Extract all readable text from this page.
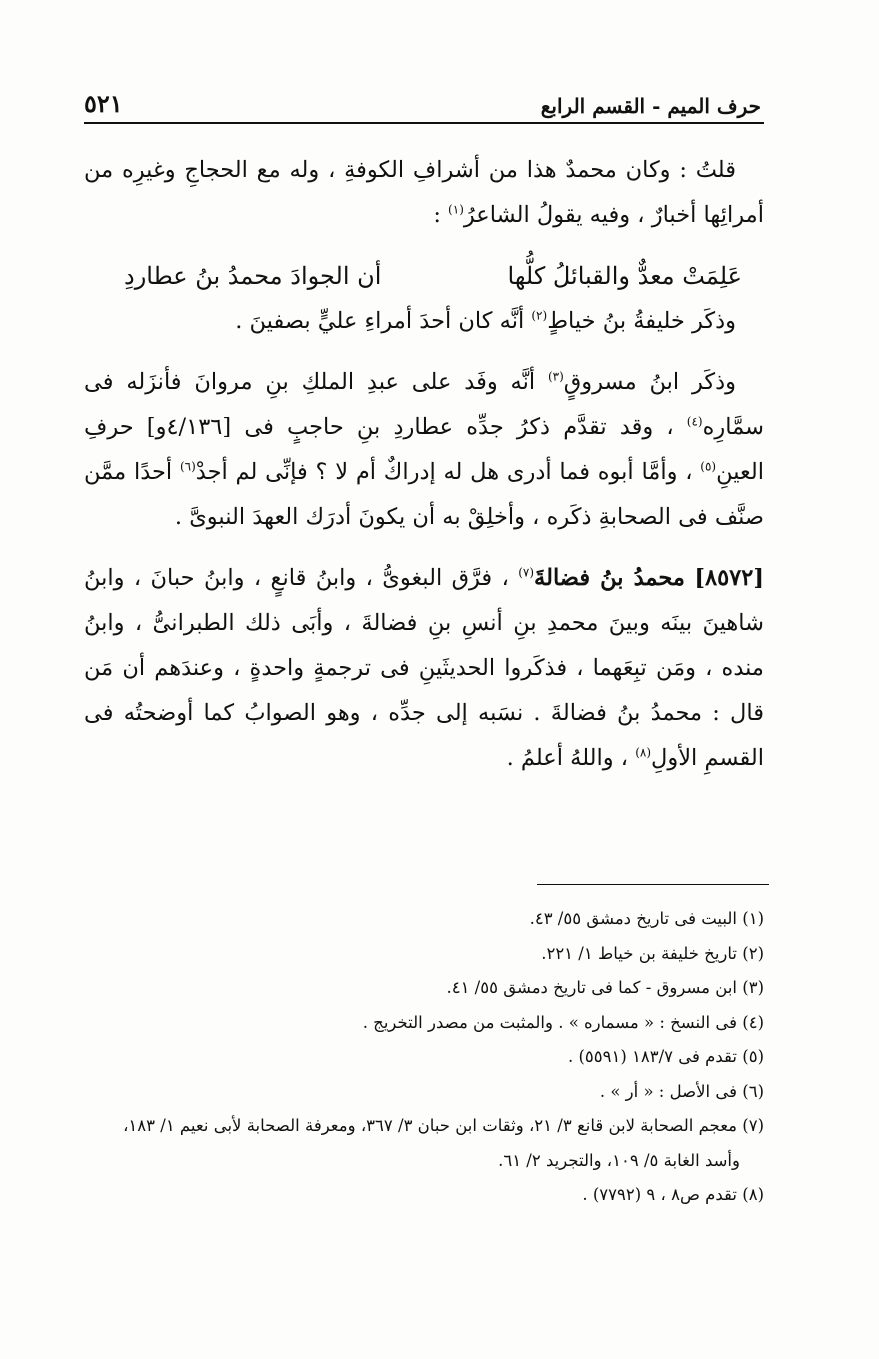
٥٢١	حرف الميم - القسم الرابع

قلتُ : وكان محمدٌ هذا من أشرافِ الكوفةِ ، وله مع الحجاجِ وغيرِه من أمرائِها أخبارٌ ، وفيه يقولُ الشاعرُ$^{(١)}$ :

عَلِمَتْ معدٌّ والقبائلُ كلُّها
أن الجوادَ محمدُ بنُ عطاردِ

وذكَر خليفةُ بنُ خياطٍ$^{(٢)}$ أنَّه كان أحدَ أمراءِ عليٍّ بصفينَ .

وذكَر ابنُ مسروقٍ$^{(٣)}$ أنَّه وفَد على عبدِ الملكِ بنِ مروانَ فأنزَله فى سمَّارِه$^{(٤)}$ ، وقد تقدَّم ذكرُ جدِّه عطاردِ بنِ حاجبٍ فى [٤/١٣٦و] حرفِ العينِ$^{(٥)}$ ، وأمَّا أبوه فما أدرى هل له إدراكٌ أم لا ؟ فإنِّى لم أجدْ$^{(٦)}$ أحدًا ممَّن صنَّف فى الصحابةِ ذكَره ، وأخلِقْ به أن يكونَ أدرَك العهدَ النبوىَّ .

[٨٥٧٢] محمدُ بنُ فضالةَ$^{(٧)}$ ، فرَّق البغوىُّ ، وابنُ قانعٍ ، وابنُ حبانَ ، وابنُ شاهينَ بينَه وبينَ محمدِ بنِ أنسِ بنِ فضالةَ ، وأبَى ذلك الطبرانىُّ ، وابنُ منده ، ومَن تبِعَهما ، فذكَروا الحديثَينِ فى ترجمةٍ واحدةٍ ، وعندَهم أن مَن قال : محمدُ بنُ فضالةَ . نسَبه إلى جدِّه ، وهو الصوابُ كما أوضحتُه فى القسمِ الأولِ$^{(٨)}$ ، واللهُ أعلمُ .

(١) البيت فى تاريخ دمشق ٥٥/ ٤٣.

(٢) تاريخ خليفة بن خياط ١/ ٢٢١.

(٣) ابن مسروق - كما فى تاريخ دمشق ٥٥/ ٤١.

(٤) فى النسخ : « مسماره » . والمثبت من مصدر التخريج .

(٥) تقدم فى ١٨٣/٧ (٥٥٩١) .

(٦) فى الأصل : « أر » .

(٧) معجم الصحابة لابن قانع ٣/ ٢١، وثقات ابن حبان ٣/ ٣٦٧، ومعرفة الصحابة لأبى نعيم ١/ ١٨٣،

وأسد الغابة ٥/ ١٠٩، والتجريد ٢/ ٦١.

(٨) تقدم ص٨ ، ٩ (٧٧٩٢) .
